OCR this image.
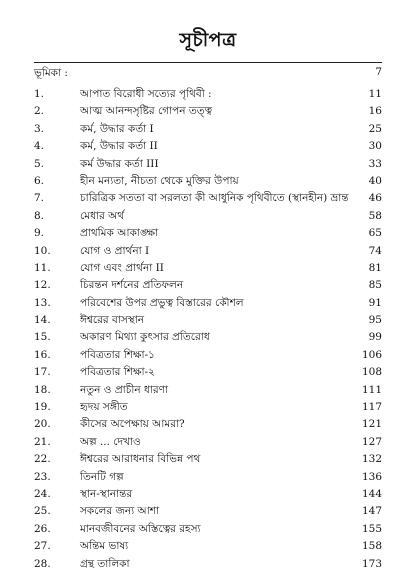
সূচীপত্র
ভূমিকা :	7
1.	আপাত বিরোধী সত্যের পৃথিবী :	11
2.	আত্ম আনন্দসৃষ্টির গোপন তত্ত্ব	16
3.	কর্ম, উদ্ধার কর্তা I	25
4.	কর্ম, উদ্ধার কর্তা II	30
5.	কর্ম উদ্ধার কর্তা III	33
6.	হীন মন্যতা, নীচতা থেকে মুক্তির উপায়	40
7.	চারিত্রিক সততা বা সরলতা কী আধুনিক পৃথিবীতে (স্থানহীন) ভ্রান্ত 46
8.	মেধার অর্থ	58
9.	প্রাথমিক আকাঙ্ক্ষা	65
10.	যোগ ও প্রার্থনা I	74
11.	যোগ এবং প্রার্থনা II	81
12.	চিরন্তন দর্শনের প্রতিফলন	85
13.	পরিবেশের উপর প্রভুত্ব বিস্তারের কৌশল	91
14.	ঈশ্বরের বাসস্থান	95
15.	অকারণ মিথ্যা কুৎসার প্রতিরোধ	99
16.	পবিত্রতার শিক্ষা-১	106
17.	পবিত্রতার শিক্ষা-২	108
18.	নতুন ও প্রাচীন ধারণা	111
19.	হৃদয় সঙ্গীত	117
20.	কীসের অপেক্ষায় আমরা?	121
21.	অল্প ... দেখাও	127
22.	ঈশ্বরের আরাধনার বিভিন্ন পথ	132
23.	তিনটি গল্প	136
24.	স্থান-স্থানান্তর	144
25.	সকলের জন্য আশা	147
26.	মানবজীবনের অস্তিত্বের রহস্য	155
27.	অন্তিম ভাষ্য	158
28.	গ্রন্থ তালিকা	173
